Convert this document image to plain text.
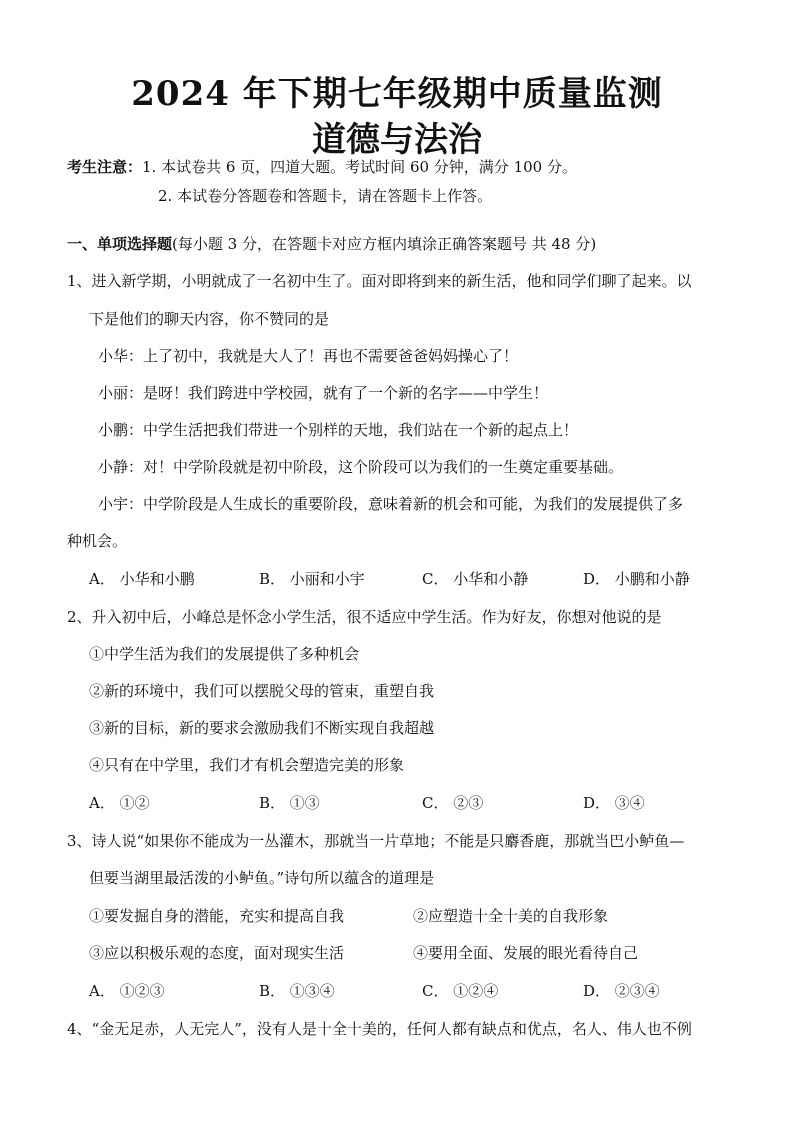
2024 年下期七年级期中质量监测
道德与法治
考生注意：1. 本试卷共 6 页，四道大题。考试时间 60 分钟，满分 100 分。
2. 本试卷分答题卷和答题卡，请在答题卡上作答。
一、单项选择题(每小题 3 分，在答题卡对应方框内填涂正确答案题号 共 48 分)
1、进入新学期，小明就成了一名初中生了。面对即将到来的新生活，他和同学们聊了起来。以
下是他们的聊天内容，你不赞同的是
小华：上了初中，我就是大人了！再也不需要爸爸妈妈操心了！
小丽：是呀！我们跨进中学校园，就有了一个新的名字——中学生！
小鹏：中学生活把我们带进一个别样的天地，我们站在一个新的起点上！
小静：对！中学阶段就是初中阶段，这个阶段可以为我们的一生奠定重要基础。
小宇：中学阶段是人生成长的重要阶段，意味着新的机会和可能，为我们的发展提供了多
种机会。
A． 小华和小鹏	B． 小丽和小宇	C． 小华和小静	D． 小鹏和小静
2、升入初中后，小峰总是怀念小学生活，很不适应中学生活。作为好友，你想对他说的是
①中学生活为我们的发展提供了多种机会
②新的环境中，我们可以摆脱父母的管束，重塑自我
③新的目标，新的要求会激励我们不断实现自我超越
④只有在中学里，我们才有机会塑造完美的形象
A． ①②	B． ①③	C． ②③	D． ③④
3、诗人说“如果你不能成为一丛灌木，那就当一片草地；不能是只麝香鹿，那就当巴小鲈鱼—
但要当湖里最活泼的小鲈鱼。”诗句所以蕴含的道理是
①要发掘自身的潜能，充实和提高自我	②应塑造十全十美的自我形象
③应以积极乐观的态度，面对现实生活	④要用全面、发展的眼光看待自己
A． ①②③	B． ①③④	C． ①②④	D． ②③④
4、“金无足赤，人无完人”，没有人是十全十美的，任何人都有缺点和优点，名人、伟人也不例
